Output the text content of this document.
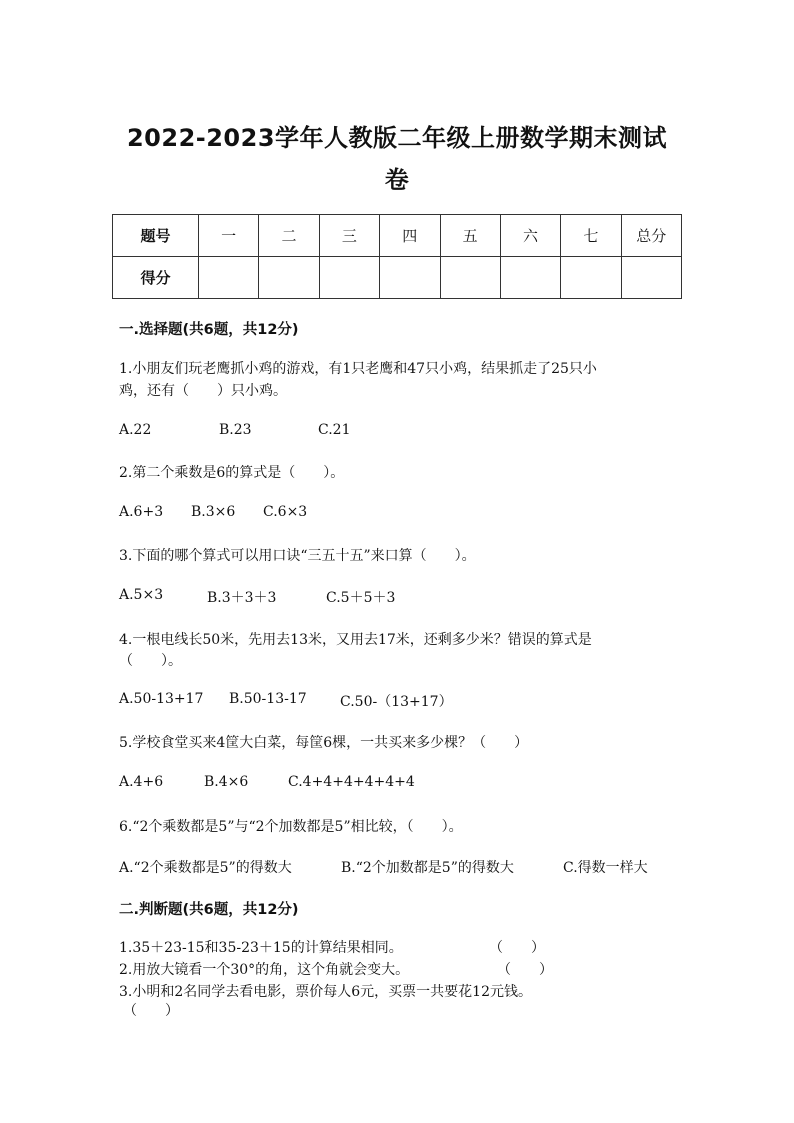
2022-2023学年人教版二年级上册数学期末测试
卷
题号	一	二	三	四	五	六	七	总分
得分								
一.选择题(共6题，共12分)
1.小朋友们玩老鹰抓小鸡的游戏，有1只老鹰和47只小鸡，结果抓走了25只小
鸡，还有（　　）只小鸡。
A.22	B.23	C.21
2.第二个乘数是6的算式是（　　）。
A.6+3 B.3×6 C.6×3
3.下面的哪个算式可以用口诀“三五十五”来口算（　　）。
A.5×3	B.3＋3＋3	C.5＋5＋3
4.一根电线长50米，先用去13米，又用去17米，还剩多少米？错误的算式是
（　　）。
A.50-13+17 B.50-13-17 C.50-（13+17）
5.学校食堂买来4筐大白菜，每筐6棵，一共买来多少棵？（　　）
A.4+6	B.4×6	C.4+4+4+4+4+4
6.“2个乘数都是5”与“2个加数都是5”相比较，（　　）。
A.“2个乘数都是5”的得数大	B.“2个加数都是5”的得数大	C.得数一样大
二.判断题(共6题，共12分)
1.35＋23-15和35-23＋15的计算结果相同。	（　　）
2.用放大镜看一个30°的角，这个角就会变大。	（　　）
3.小明和2名同学去看电影，票价每人6元，买票一共要花12元钱。
（　　）
